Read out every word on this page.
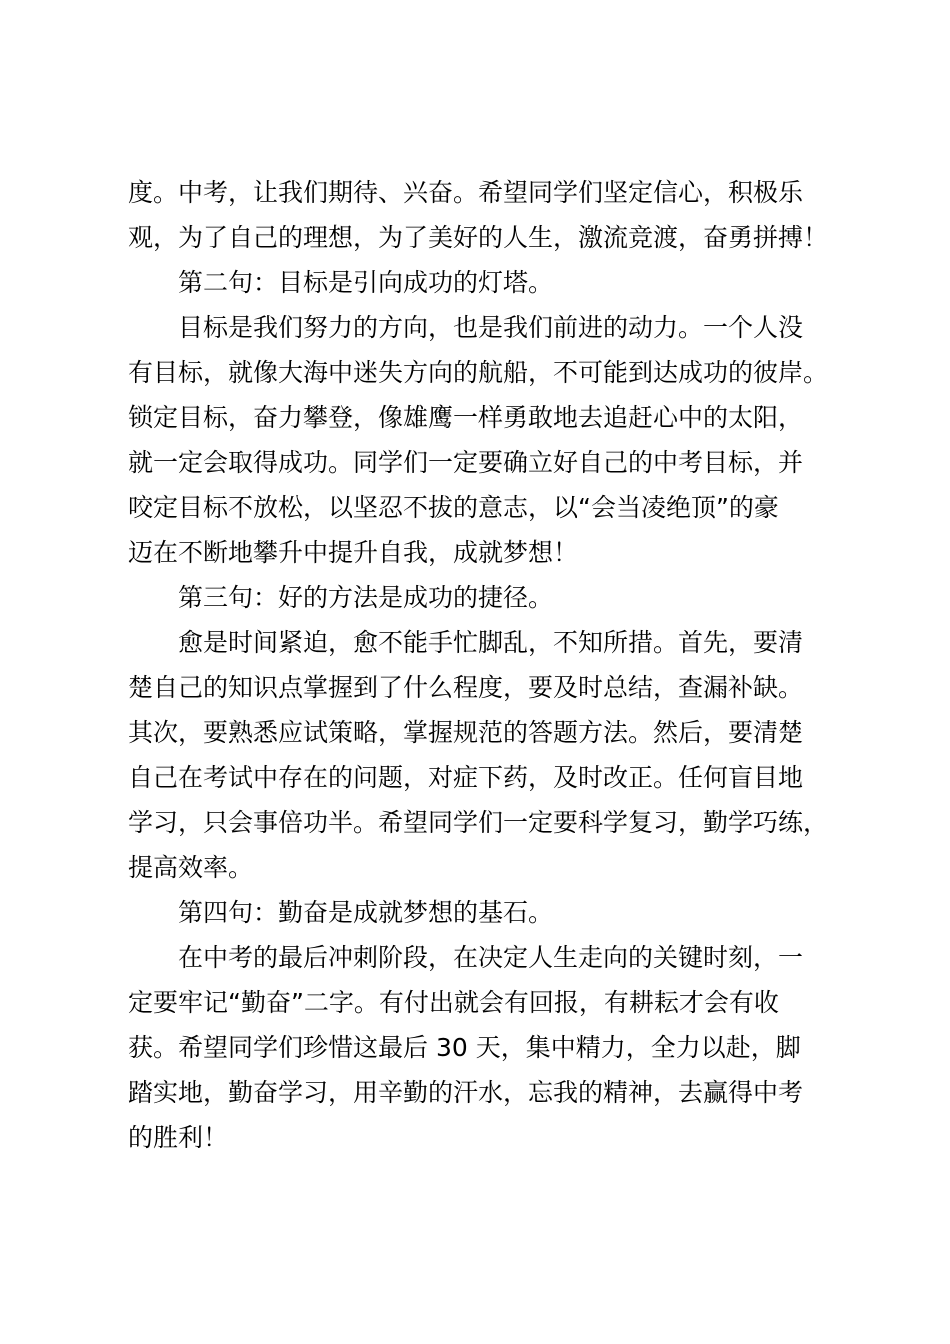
度。中考，让我们期待、兴奋。希望同学们坚定信心，积极乐
观，为了自己的理想，为了美好的人生，激流竞渡，奋勇拼搏！
第二句：目标是引向成功的灯塔。
目标是我们努力的方向，也是我们前进的动力。一个人没
有目标，就像大海中迷失方向的航船，不可能到达成功的彼岸。
锁定目标，奋力攀登，像雄鹰一样勇敢地去追赶心中的太阳，
就一定会取得成功。同学们一定要确立好自己的中考目标，并
咬定目标不放松，以坚忍不拔的意志，以“会当凌绝顶”的豪
迈在不断地攀升中提升自我，成就梦想！
第三句：好的方法是成功的捷径。
愈是时间紧迫，愈不能手忙脚乱，不知所措。首先，要清
楚自己的知识点掌握到了什么程度，要及时总结，查漏补缺。
其次，要熟悉应试策略，掌握规范的答题方法。然后，要清楚
自己在考试中存在的问题，对症下药，及时改正。任何盲目地
学习，只会事倍功半。希望同学们一定要科学复习，勤学巧练，
提高效率。
第四句：勤奋是成就梦想的基石。
在中考的最后冲刺阶段，在决定人生走向的关键时刻，一
定要牢记“勤奋”二字。有付出就会有回报，有耕耘才会有收
获。希望同学们珍惜这最后 30 天，集中精力，全力以赴，脚
踏实地，勤奋学习，用辛勤的汗水，忘我的精神，去赢得中考
的胜利！
